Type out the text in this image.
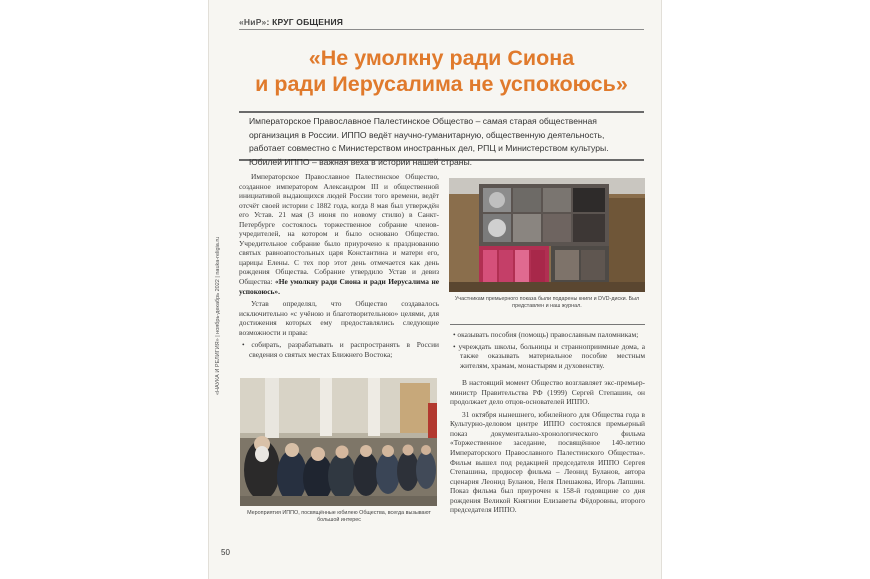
«НиР»: КРУГ ОБЩЕНИЯ
«Не умолкну ради Сиона
и ради Иерусалима не успокоюсь»
Императорское Православное Палестинское Общество – самая старая общественная организация в России. ИППО ведёт научно-гуманитарную, общественную деятельность, работает совместно с Министерством иностранных дел, РПЦ и Министерством культуры. Юбилей ИППО – важная веха в истории нашей страны.

Императорское Православное Палестинское Общество, созданное императором Александром III и общественной инициативой выдающихся людей России того времени, ведёт отсчёт своей истории с 1882 года, когда 8 мая был утверждён его Устав. 21 мая (3 июня по новому стилю) в Санкт-Петербурге состоялось торжественное собрание членов-учредителей, на котором и было основано Общество. Учредительное собрание было приурочено к празднованию святых равноапостольных царя Константина и матери его, царицы Елены. С тех пор этот день отмечается как день рождения Общества. Собрание утвердило Устав и девиз Общества: «Не умолкну ради Сиона и ради Иерусалима не успокоюсь».

Устав определял, что Общество создавалось исключительно «с учёною и благотворительною» целями, для достижения которых ему предоставлялись следующие возможности и права:

• собирать, разрабатывать и распространять в России сведения о святых местах Ближнего Востока;
Мероприятия ИППО, посвящённые юбилею Общества, всегда вызывают большой интерес
Участникам премьерного показа были подарены книги и DVD-диски. Был представлен и наш журнал.
• оказывать пособия (помощь) православным паломникам;
• учреждать школы, больницы и странноприимные дома, а также оказывать материальное пособие местным жителям, храмам, монастырям и духовенству.

В настоящий момент Общество возглавляет экс-премьер-министр Правительства РФ (1999) Сергей Степашин, он продолжает дело отцов-основателей ИППО.

31 октября нынешнего, юбилейного для Общества года в Культурно-деловом центре ИППО состоялся премьерный показ документально-хронологического фильма «Торжественное заседание, посвящённое 140-летию Императорского Православного Палестинского Общества». Фильм вышел под редакцией председателя ИППО Сергея Степашина, продюсер фильма – Леонид Буланов, автора сценария Леонид Буланов, Неля Плешакова, Игорь Лапшин. Показ фильма был приурочен к 158-й годовщине со дня рождения Великой Княгини Елизаветы Фёдоровны, второго председателя ИППО.

«НАУКА И РЕЛИГИЯ» | ноябрь-декабрь 2022 | nauka-religia.ru
50
